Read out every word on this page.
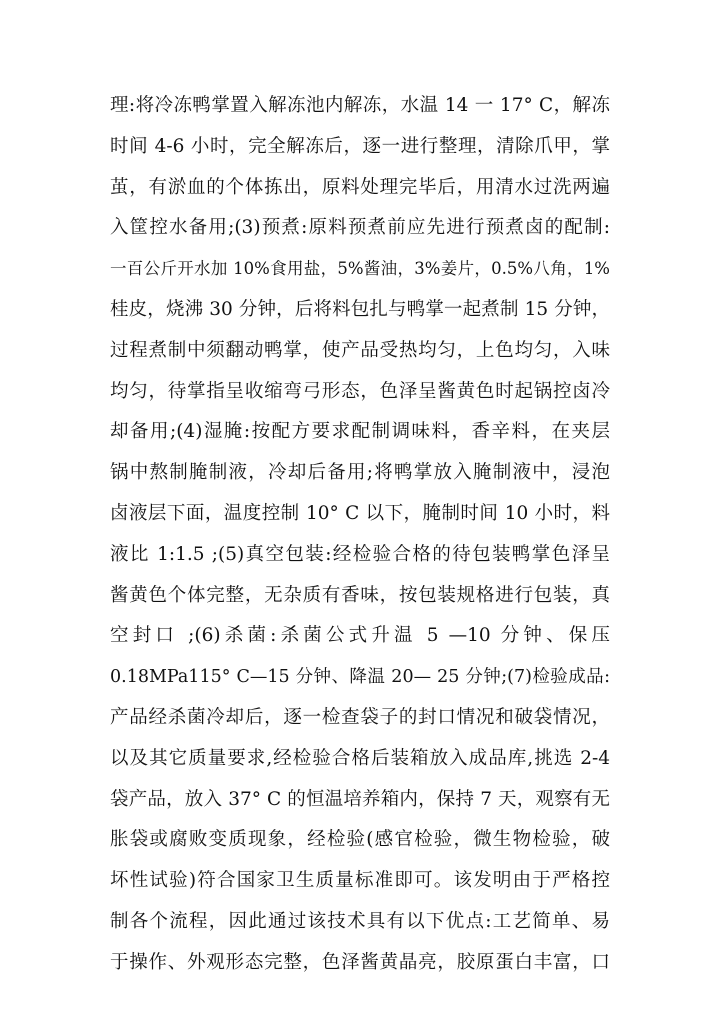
理:将冷冻鸭掌置入解冻池内解冻，水温 14 一 17° C，解冻
时间 4-6 小时，完全解冻后，逐一进行整理，清除爪甲，掌
茧，有淤血的个体拣出，原料处理完毕后，用清水过洗两遍
入筐控水备用;(3)预煮:原料预煮前应先进行预煮卤的配制:
一百公斤开水加 10%食用盐，5%酱油，3%姜片，0.5%八角，1%
桂皮，烧沸 30 分钟，后将料包扎与鸭掌一起煮制 15 分钟，
过程煮制中须翻动鸭掌，使产品受热均匀，上色均匀，入味
均匀，待掌指呈收缩弯弓形态，色泽呈酱黄色时起锅控卤冷
却备用;(4)湿腌:按配方要求配制调味料，香辛料，在夹层
锅中熬制腌制液，冷却后备用;将鸭掌放入腌制液中，浸泡
卤液层下面，温度控制 10° C 以下，腌制时间 10 小时，料
液比 1:1.5 ;(5)真空包装:经检验合格的待包装鸭掌色泽呈
酱黄色个体完整，无杂质有香味，按包装规格进行包装，真
空封口 ;(6)杀菌:杀菌公式升温 5 —10 分钟、保压
0.18MPa115° C—15 分钟、降温 20— 25 分钟;(7)检验成品:
产品经杀菌冷却后，逐一检查袋子的封口情况和破袋情况，
以及其它质量要求,经检验合格后装箱放入成品库,挑选 2-4
袋产品，放入 37° C 的恒温培养箱内，保持 7 天，观察有无
胀袋或腐败变质现象，经检验(感官检验，微生物检验，破
坏性试验)符合国家卫生质量标准即可。该发明由于严格控
制各个流程，因此通过该技术具有以下优点:工艺简单、易
于操作、外观形态完整，色泽酱黄晶亮，胶原蛋白丰富，口
